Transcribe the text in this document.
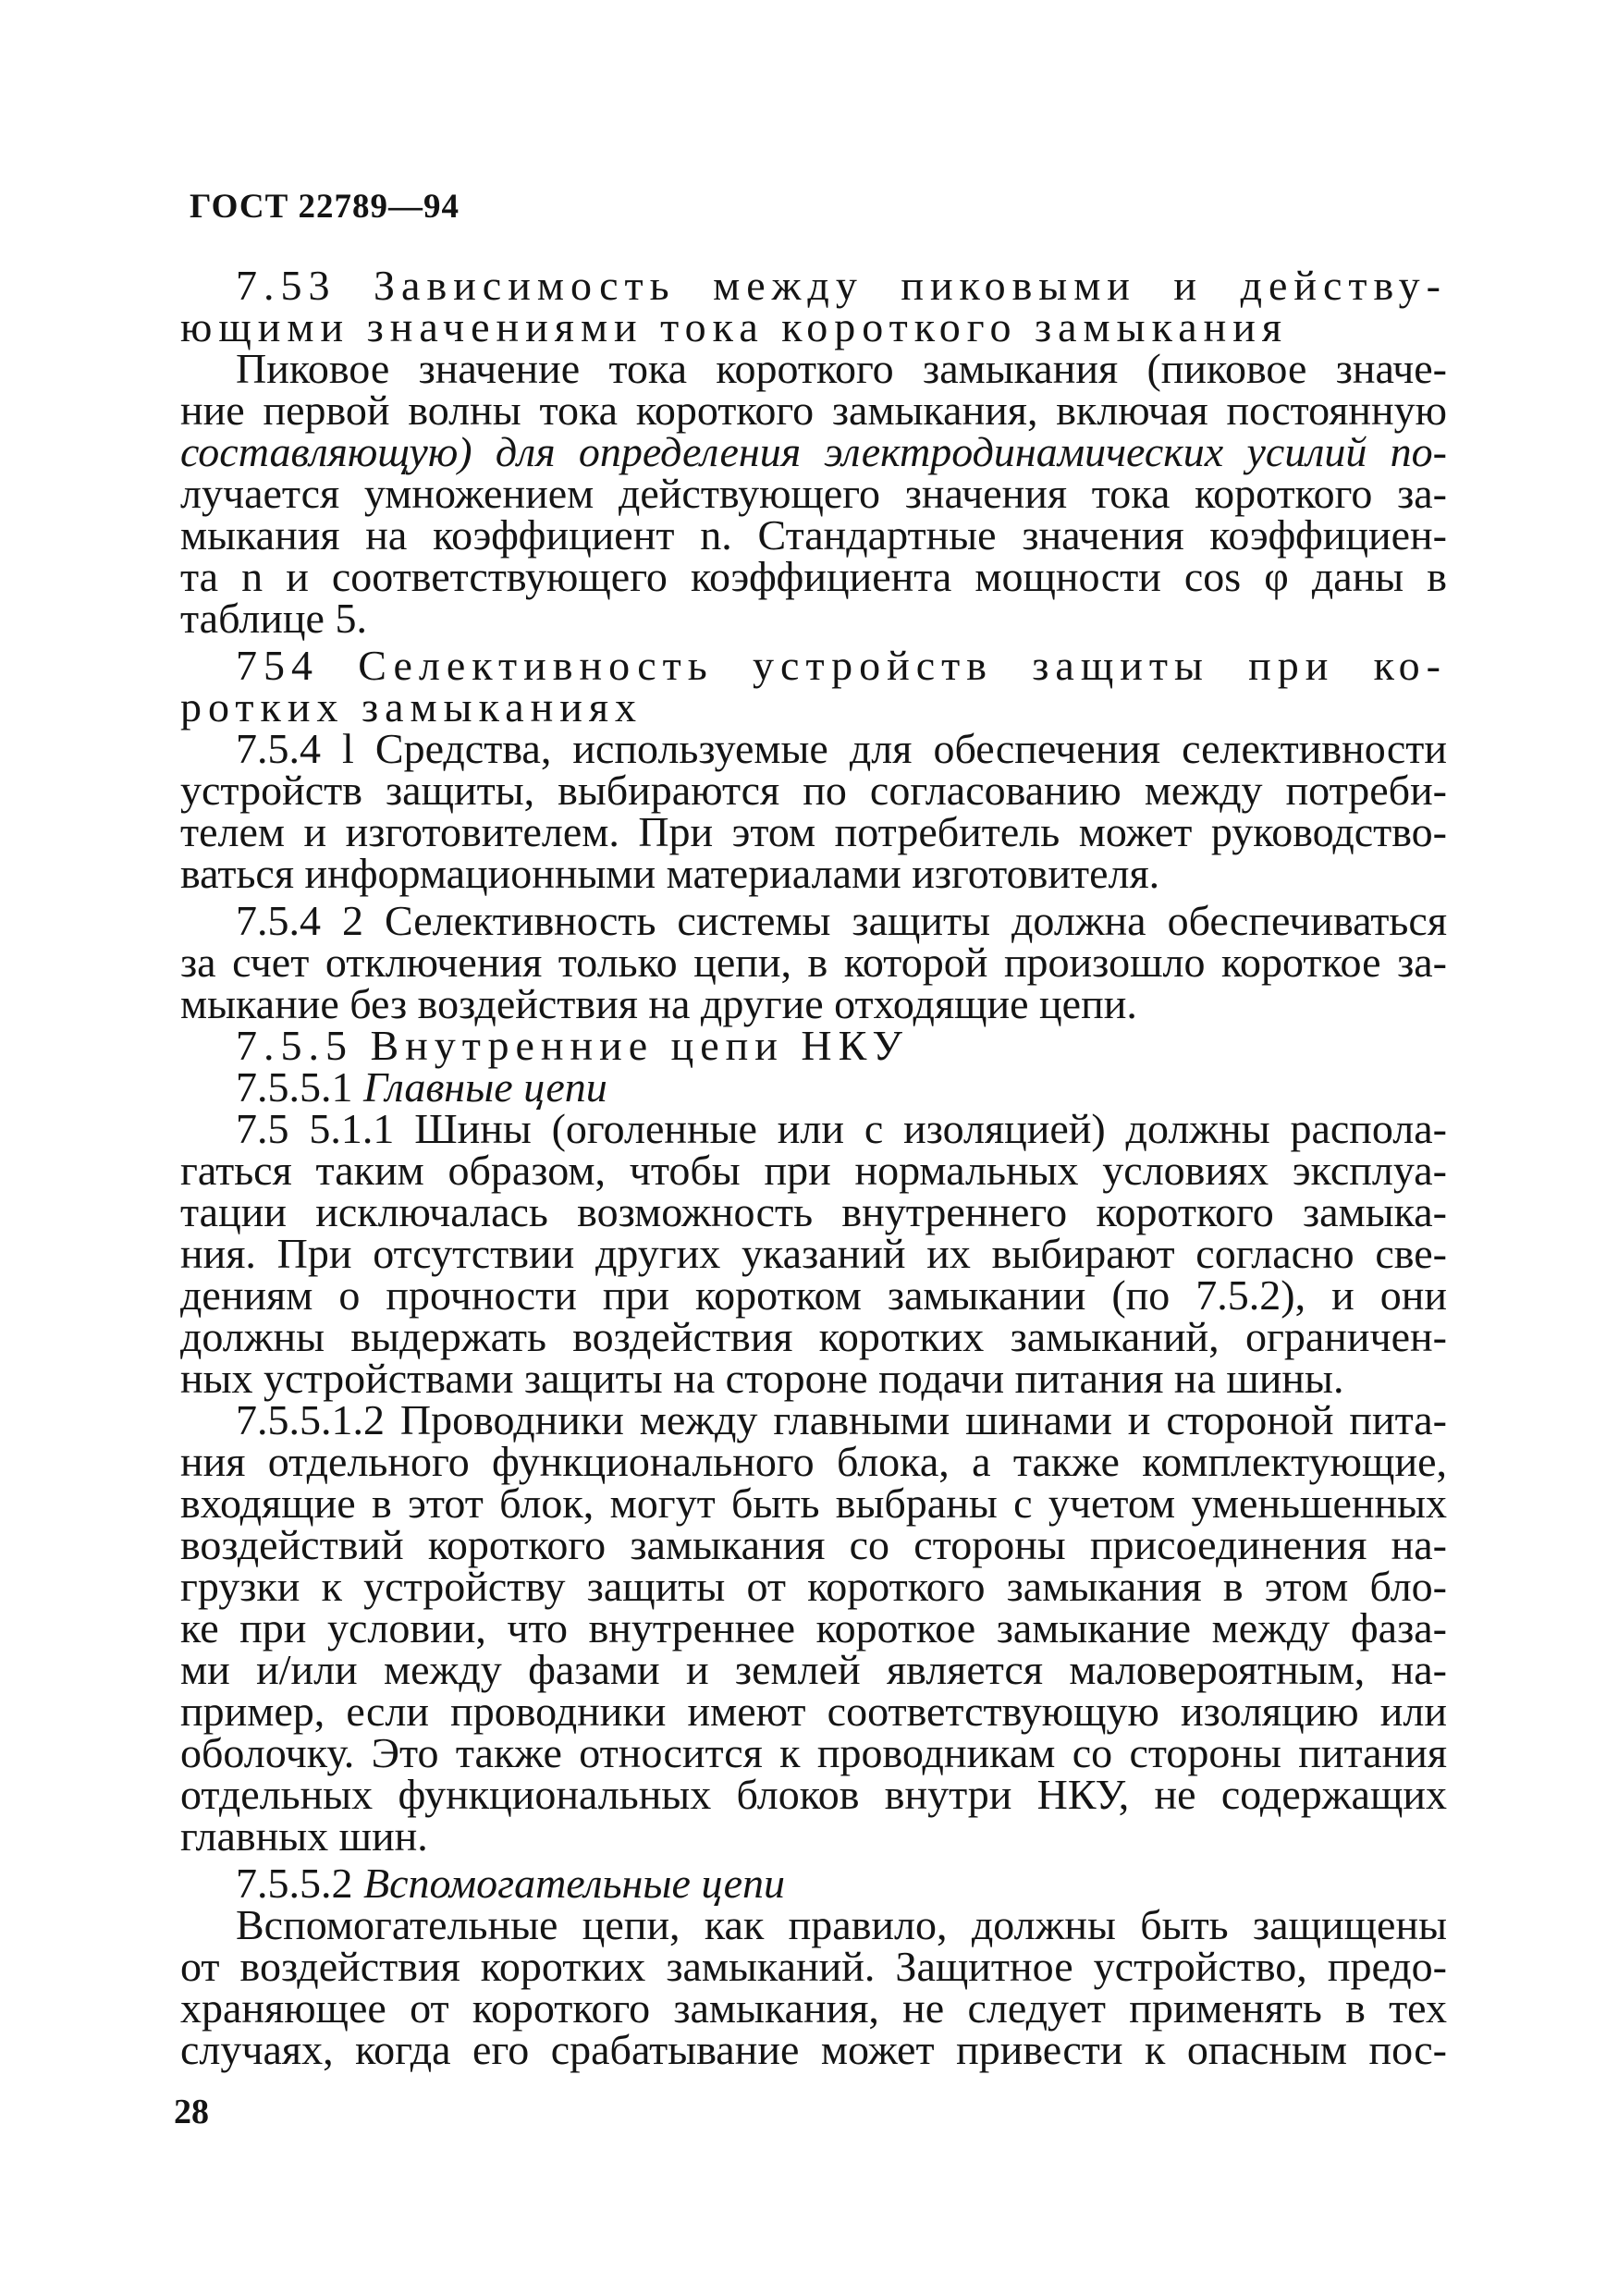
ГОСТ 22789—94
7.53 Зависимость между пиковыми и действу-
ющими значениями тока короткого замыкания
Пиковое значение тока короткого замыкания (пиковое значе-
ние первой волны тока короткого замыкания, включая постоянную
составляющую) для определения электродинамических усилий по-
лучается умножением действующего значения тока короткого за-
мыкания на коэффициент n. Стандартные значения коэффициен-
та n и соответствующего коэффициента мощности cos φ даны в
таблице 5.
754 Селективность устройств защиты при ко-
ротких замыканиях
7.5.4 l Средства, используемые для обеспечения селективности
устройств защиты, выбираются по согласованию между потреби-
телем и изготовителем. При этом потребитель может руководство-
ваться информационными материалами изготовителя.
7.5.4 2 Селективность системы защиты должна обеспечиваться
за счет отключения только цепи, в которой произошло короткое за-
мыкание без воздействия на другие отходящие цепи.
7.5.5 Внутренние цепи НКУ
7.5.5.1 Главные цепи
7.5 5.1.1 Шины (оголенные или с изоляцией) должны распола-
гаться таким образом, чтобы при нормальных условиях эксплуа-
тации исключалась возможность внутреннего короткого замыка-
ния. При отсутствии других указаний их выбирают согласно све-
дениям о прочности при коротком замыкании (по 7.5.2), и они
должны выдержать воздействия коротких замыканий, ограничен-
ных устройствами защиты на стороне подачи питания на шины.
7.5.5.1.2 Проводники между главными шинами и стороной пита-
ния отдельного функционального блока, а также комплектующие,
входящие в этот блок, могут быть выбраны с учетом уменьшенных
воздействий короткого замыкания со стороны присоединения на-
грузки к устройству защиты от короткого замыкания в этом бло-
ке при условии, что внутреннее короткое замыкание между фаза-
ми и/или между фазами и землей является маловероятным, на-
пример, если проводники имеют соответствующую изоляцию или
оболочку. Это также относится к проводникам со стороны питания
отдельных функциональных блоков внутри НКУ, не содержащих
главных шин.
7.5.5.2 Вспомогательные цепи
Вспомогательные цепи, как правило, должны быть защищены
от воздействия коротких замыканий. Защитное устройство, предо-
храняющее от короткого замыкания, не следует применять в тех
случаях, когда его срабатывание может привести к опасным пос-
28
